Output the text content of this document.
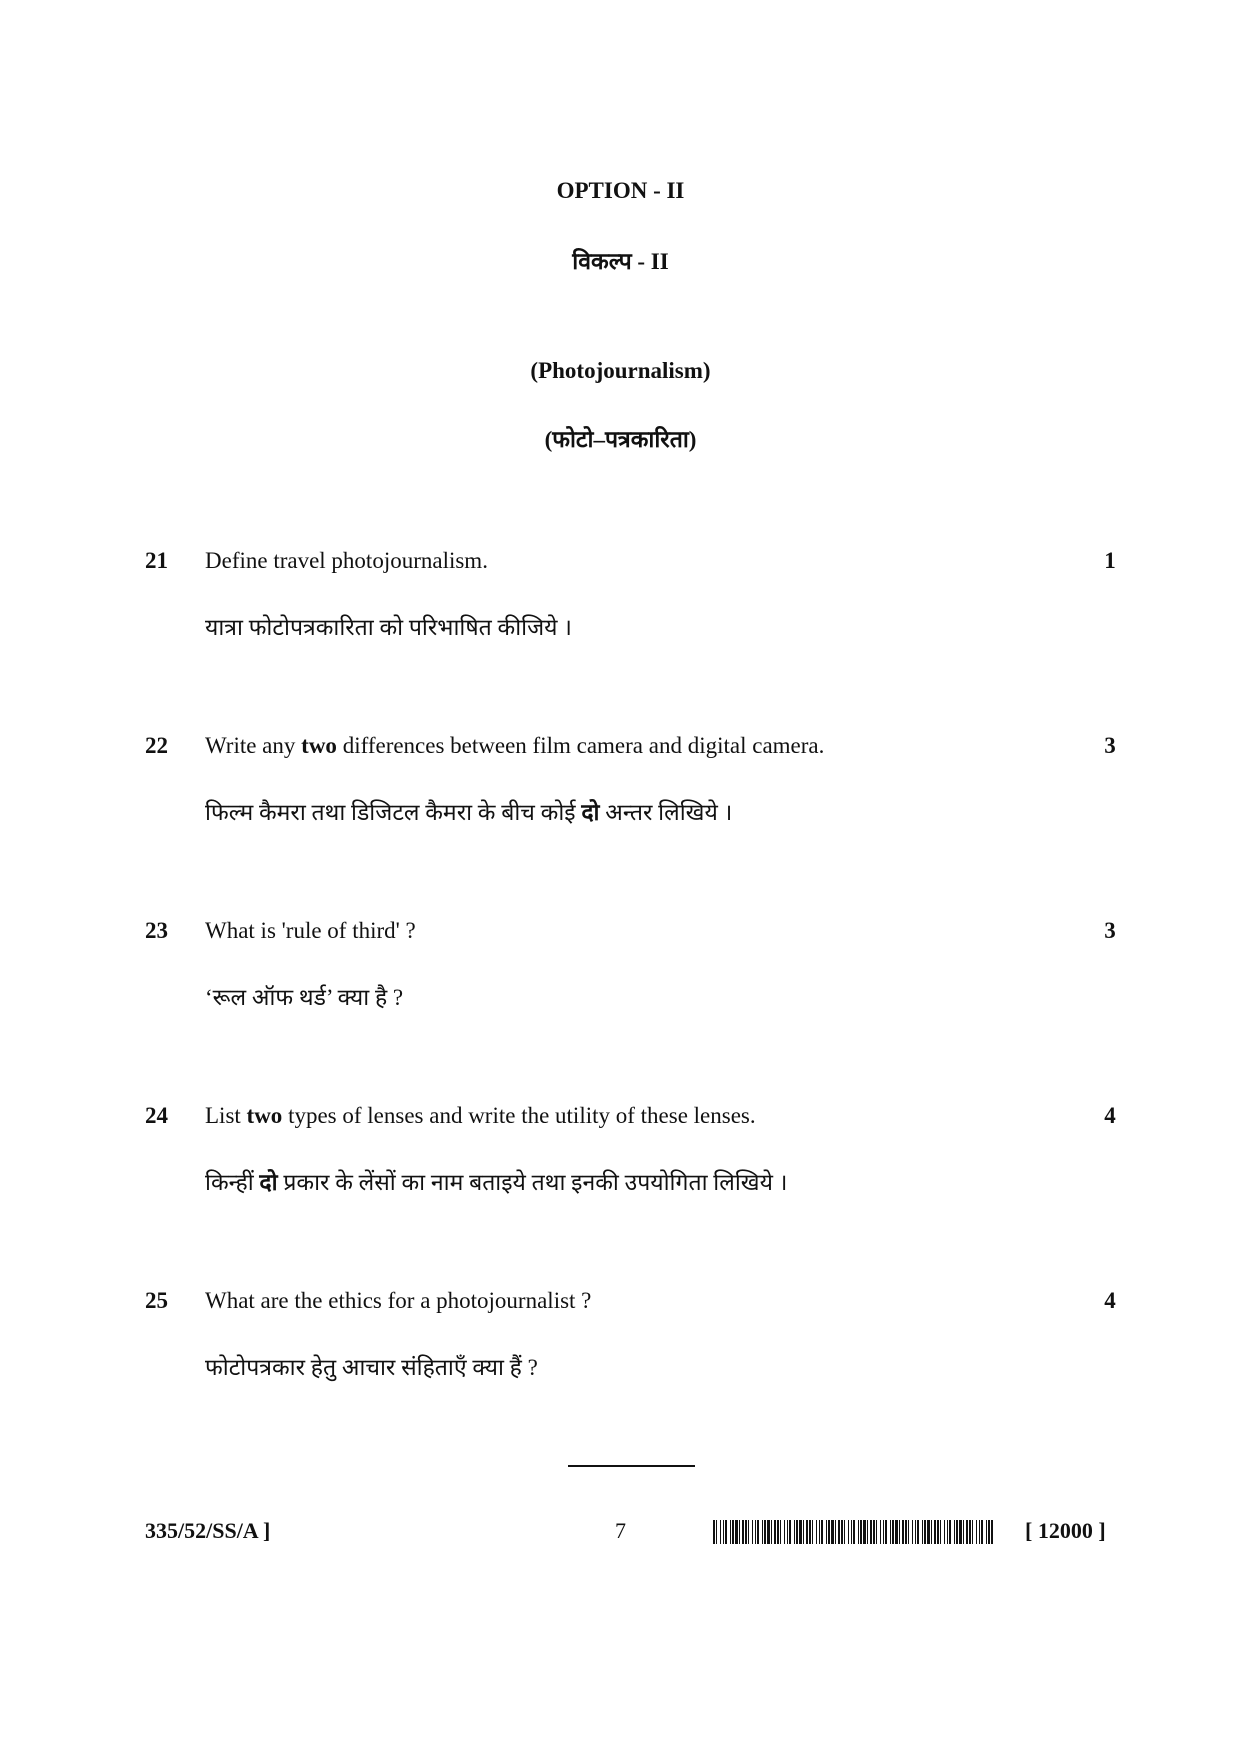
OPTION - II
विकल्प - II
(Photojournalism)
(फोटो–पत्रकारिता)
21 Define travel photojournalism.	1
यात्रा फोटोपत्रकारिता को परिभाषित कीजिये ।
22 Write any two differences between film camera and digital camera.	3
फिल्म कैमरा तथा डिजिटल कैमरा के बीच कोई दो अन्तर लिखिये ।
23 What is 'rule of third' ?	3
‘रूल ऑफ थर्ड’ क्या है ?
24 List two types of lenses and write the utility of these lenses.	4
किन्हीं दो प्रकार के लेंसों का नाम बताइये तथा इनकी उपयोगिता लिखिये ।
25 What are the ethics for a photojournalist ?	4
फोटोपत्रकार हेतु आचार संहिताएँ क्या हैं ?
335/52/SS/A ]	7	[ 12000 ]
